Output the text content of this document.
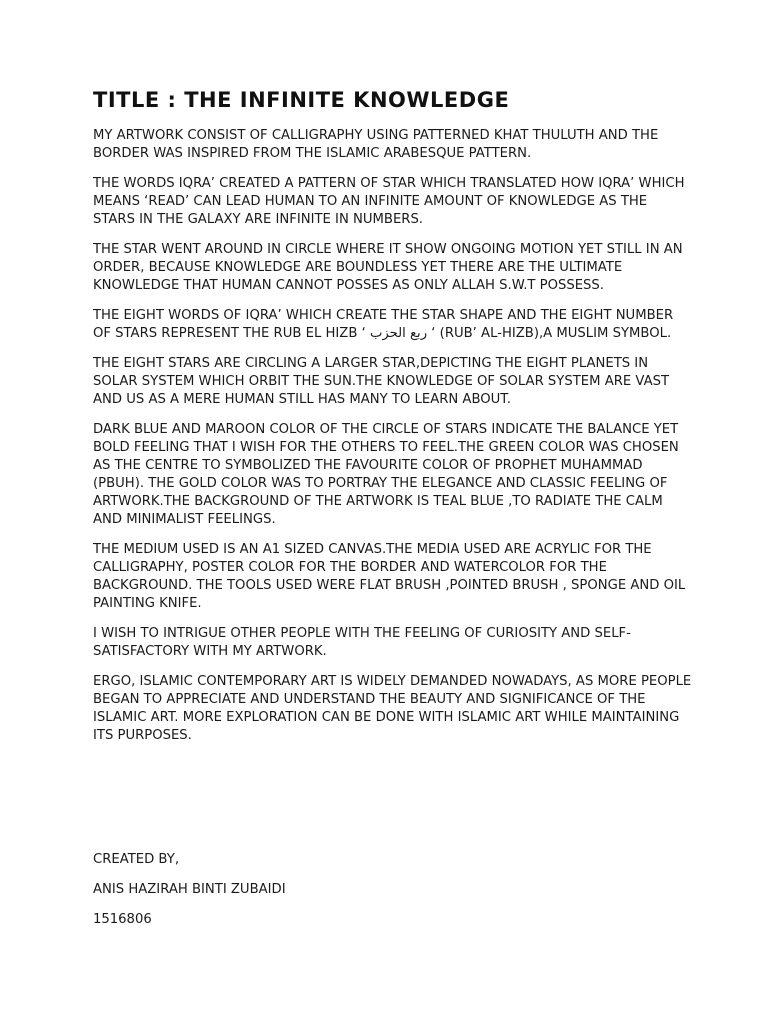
TITLE : THE INFINITE KNOWLEDGE

MY ARTWORK CONSIST OF CALLIGRAPHY USING PATTERNED KHAT THULUTH AND THE BORDER WAS INSPIRED FROM THE ISLAMIC ARABESQUE PATTERN.

THE WORDS IQRA’ CREATED A PATTERN OF STAR WHICH TRANSLATED HOW IQRA’ WHICH MEANS ‘READ’ CAN LEAD HUMAN TO AN INFINITE AMOUNT OF KNOWLEDGE AS THE STARS IN THE GALAXY ARE INFINITE IN NUMBERS.

THE STAR WENT AROUND IN CIRCLE WHERE IT SHOW ONGOING MOTION YET STILL IN AN ORDER, BECAUSE KNOWLEDGE ARE BOUNDLESS YET THERE ARE THE ULTIMATE KNOWLEDGE THAT HUMAN CANNOT POSSES AS ONLY ALLAH S.W.T POSSESS.

THE EIGHT WORDS OF IQRA’ WHICH CREATE THE STAR SHAPE AND THE EIGHT NUMBER OF STARS REPRESENT THE RUB EL HIZB ‘ ربع الحزب ‘ (RUB’ AL-HIZB),A MUSLIM SYMBOL.

THE EIGHT STARS ARE CIRCLING A LARGER STAR,DEPICTING THE EIGHT PLANETS IN SOLAR SYSTEM WHICH ORBIT THE SUN.THE KNOWLEDGE OF SOLAR SYSTEM ARE VAST AND US AS A MERE HUMAN STILL HAS MANY TO LEARN ABOUT.

DARK BLUE AND MAROON COLOR OF THE CIRCLE OF STARS INDICATE THE BALANCE YET BOLD FEELING THAT I WISH FOR THE OTHERS TO FEEL.THE GREEN COLOR WAS CHOSEN AS THE CENTRE TO SYMBOLIZED THE FAVOURITE COLOR OF PROPHET MUHAMMAD (PBUH). THE GOLD COLOR WAS TO PORTRAY THE ELEGANCE AND CLASSIC FEELING OF ARTWORK.THE BACKGROUND OF THE ARTWORK IS TEAL BLUE ,TO RADIATE THE CALM AND MINIMALIST FEELINGS.

THE MEDIUM USED IS AN A1 SIZED CANVAS.THE MEDIA USED ARE ACRYLIC FOR THE CALLIGRAPHY, POSTER COLOR FOR THE BORDER AND WATERCOLOR FOR THE BACKGROUND. THE TOOLS USED WERE FLAT BRUSH ,POINTED BRUSH , SPONGE AND OIL PAINTING KNIFE.

I WISH TO INTRIGUE OTHER PEOPLE WITH THE FEELING OF CURIOSITY AND SELF-SATISFACTORY WITH MY ARTWORK.

ERGO, ISLAMIC CONTEMPORARY ART IS WIDELY DEMANDED NOWADAYS, AS MORE PEOPLE BEGAN TO APPRECIATE AND UNDERSTAND THE BEAUTY AND SIGNIFICANCE OF THE ISLAMIC ART. MORE EXPLORATION CAN BE DONE WITH ISLAMIC ART WHILE MAINTAINING ITS PURPOSES.

CREATED BY,

ANIS HAZIRAH BINTI ZUBAIDI

1516806
